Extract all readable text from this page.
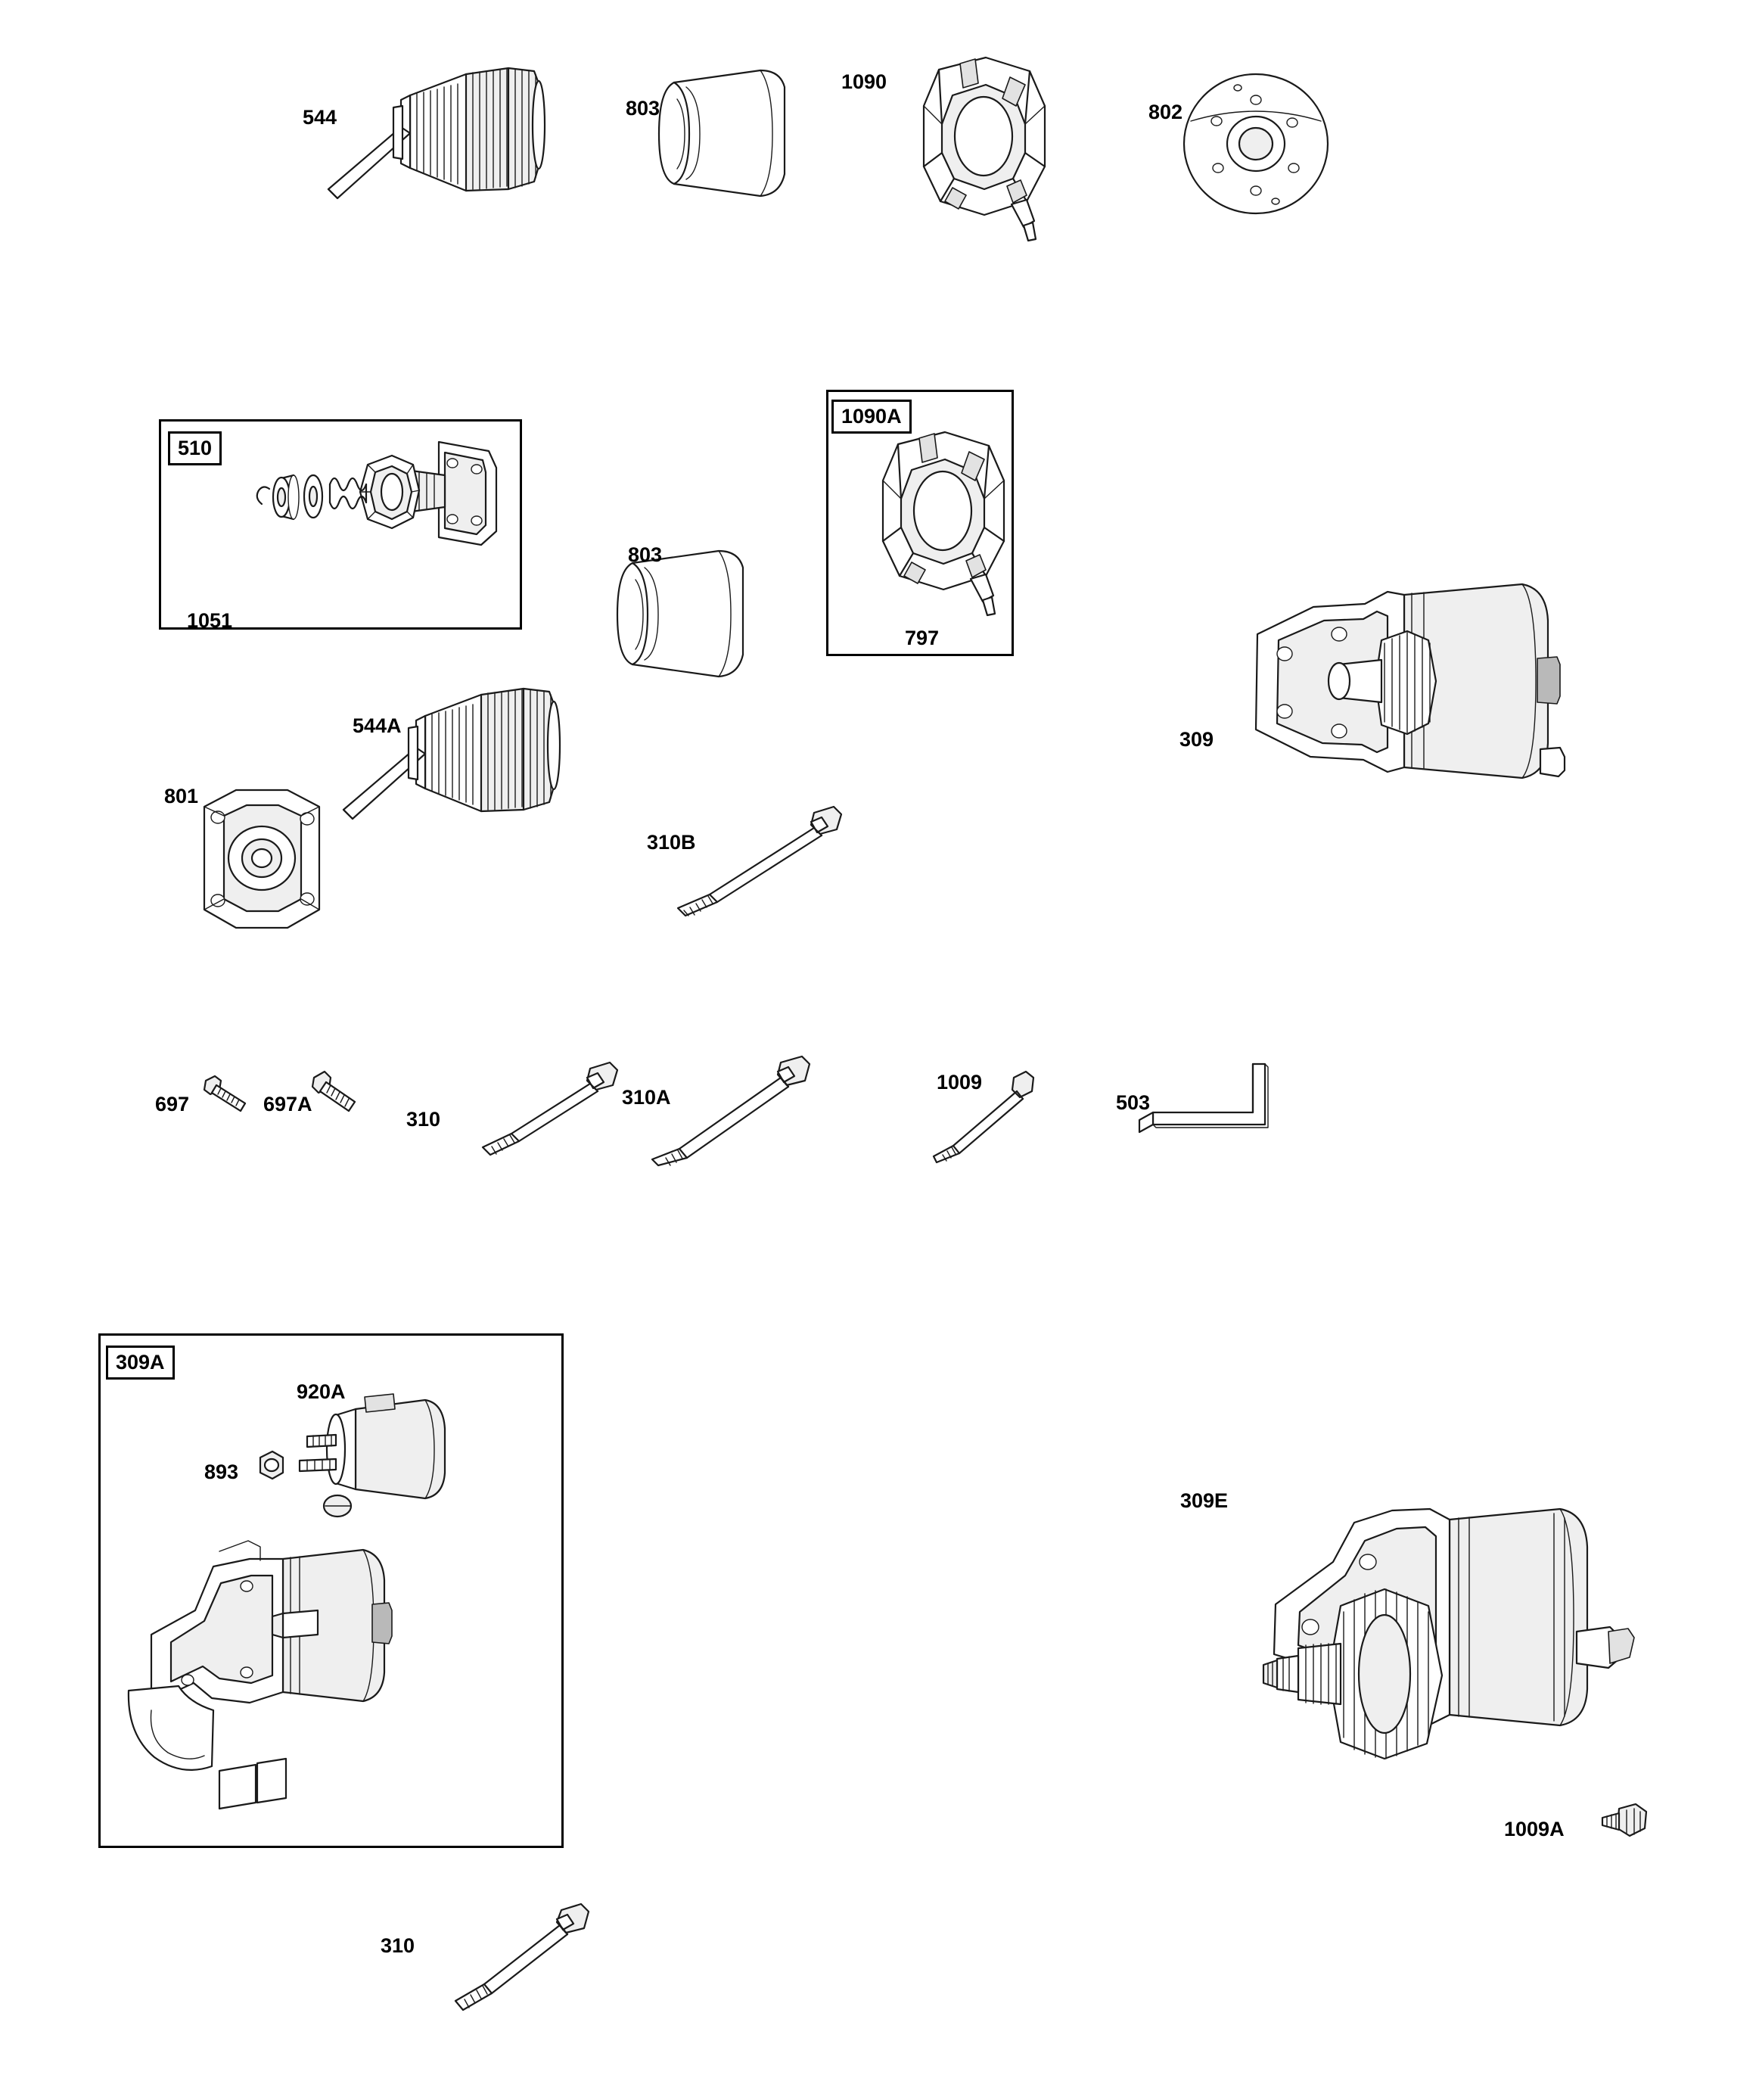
544	803
1090
802
510
1051
1090A
797
803
309
544A
801
310B
697	697A
310
310A
1009
503
309A
920A
893
309E
1009A
310
